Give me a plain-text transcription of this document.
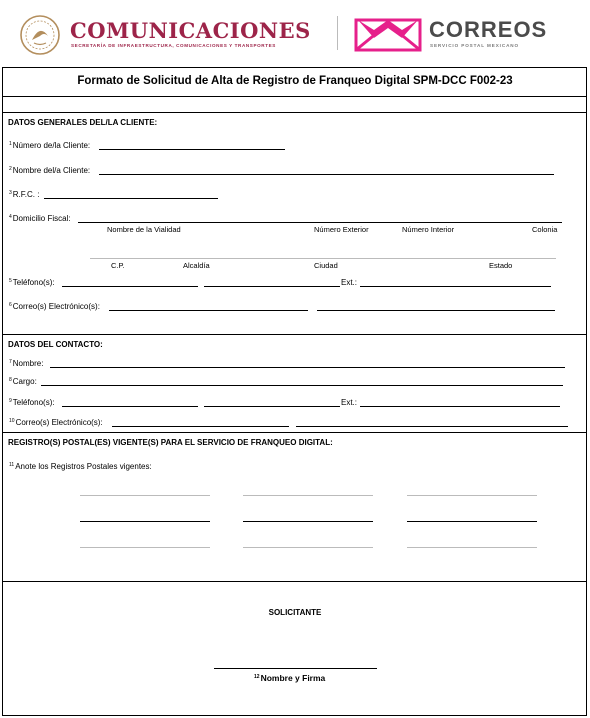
COMUNICACIONES
SECRETARÍA DE INFRAESTRUCTURA, COMUNICACIONES Y TRANSPORTES
CORREOS
SERVICIO POSTAL MEXICANO
Formato de Solicitud de Alta de Registro de Franqueo Digital SPM-DCC F002-23
DATOS GENERALES DEL/LA CLIENTE:
$^1$Número de/la Cliente:
$^2$Nombre del/a Cliente:
$^3$R.F.C. :
$^4$Domicilio Fiscal:
Nombre de la Vialidad	Número Exterior	Número Interior	Colonia
C.P.	Alcaldía	Ciudad	Estado
$^5$Teléfono(s):	Ext.:
$^6$Correo(s) Electrónico(s):
DATOS DEL CONTACTO:
$^7$Nombre:
$^8$Cargo:
$^9$Teléfono(s):	Ext.:
$^{10}$Correo(s) Electrónico(s):
REGISTRO(S) POSTAL(ES) VIGENTE(S) PARA EL SERVICIO DE FRANQUEO DIGITAL:
$^{11}$Anote los Registros Postales vigentes:
SOLICITANTE
$^{12}$Nombre y Firma
